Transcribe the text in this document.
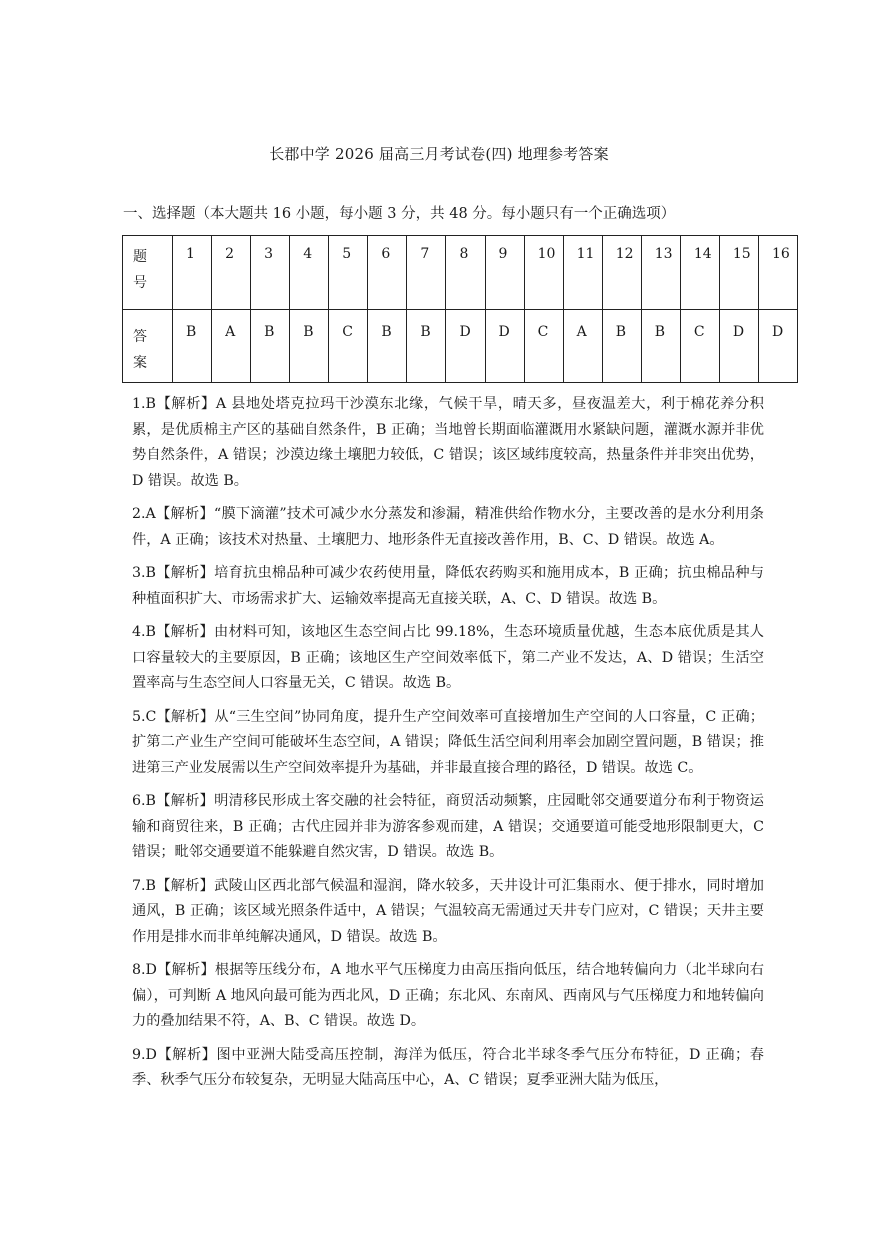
长郡中学 2026 届高三月考试卷(四) 地理参考答案
一、选择题（本大题共 16 小题，每小题 3 分，共 48 分。每小题只有一个正确选项）
题
号	1	2	3	4	5	6	7	8	9	10	11	12	13	14	15	16

答
案	B	A	B	B	C	B	B	D	D	C	A	B	B	C	D	D

1.B【解析】A 县地处塔克拉玛干沙漠东北缘，气候干旱，晴天多，昼夜温差大，利于棉花养分积累，是优质棉主产区的基础自然条件，B 正确；当地曾长期面临灌溉用水紧缺问题，灌溉水源并非优势自然条件，A 错误；沙漠边缘土壤肥力较低，C 错误；该区域纬度较高，热量条件并非突出优势，D 错误。故选 B。

2.A【解析】“膜下滴灌”技术可减少水分蒸发和渗漏，精准供给作物水分，主要改善的是水分利用条件，A 正确；该技术对热量、土壤肥力、地形条件无直接改善作用，B、C、D 错误。故选 A。

3.B【解析】培育抗虫棉品种可减少农药使用量，降低农药购买和施用成本，B 正确；抗虫棉品种与种植面积扩大、市场需求扩大、运输效率提高无直接关联，A、C、D 错误。故选 B。

4.B【解析】由材料可知，该地区生态空间占比 99.18%，生态环境质量优越，生态本底优质是其人口容量较大的主要原因，B 正确；该地区生产空间效率低下，第二产业不发达，A、D 错误；生活空置率高与生态空间人口容量无关，C 错误。故选 B。

5.C【解析】从“三生空间”协同角度，提升生产空间效率可直接增加生产空间的人口容量，C 正确；扩第二产业生产空间可能破坏生态空间，A 错误；降低生活空间利用率会加剧空置问题，B 错误；推进第三产业发展需以生产空间效率提升为基础，并非最直接合理的路径，D 错误。故选 C。

6.B【解析】明清移民形成土客交融的社会特征，商贸活动频繁，庄园毗邻交通要道分布利于物资运输和商贸往来，B 正确；古代庄园并非为游客参观而建，A 错误；交通要道可能受地形限制更大，C 错误；毗邻交通要道不能躲避自然灾害，D 错误。故选 B。

7.B【解析】武陵山区西北部气候温和湿润，降水较多，天井设计可汇集雨水、便于排水，同时增加通风，B 正确；该区域光照条件适中，A 错误；气温较高无需通过天井专门应对，C 错误；天井主要作用是排水而非单纯解决通风，D 错误。故选 B。

8.D【解析】根据等压线分布，A 地水平气压梯度力由高压指向低压，结合地转偏向力（北半球向右偏），可判断 A 地风向最可能为西北风，D 正确；东北风、东南风、西南风与气压梯度力和地转偏向力的叠加结果不符，A、B、C 错误。故选 D。

9.D【解析】图中亚洲大陆受高压控制，海洋为低压，符合北半球冬季气压分布特征，D 正确；春季、秋季气压分布较复杂，无明显大陆高压中心，A、C 错误；夏季亚洲大陆为低压，
